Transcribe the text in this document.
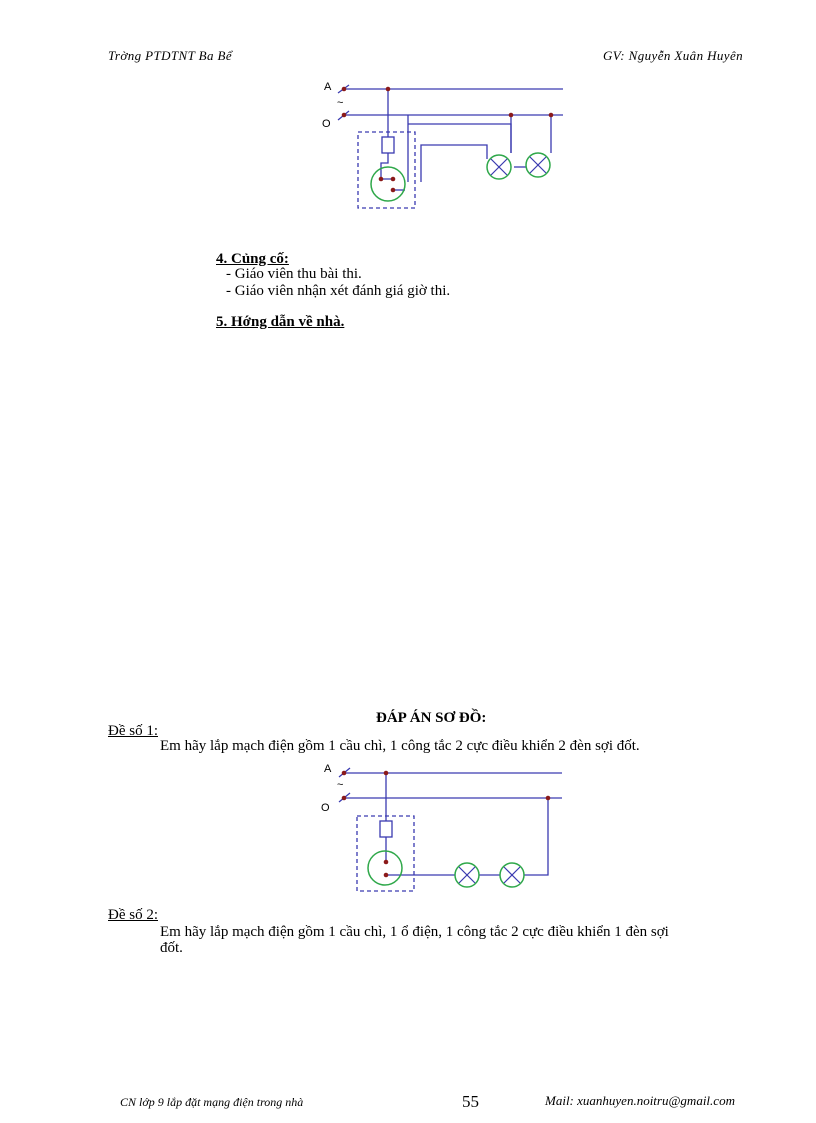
Trờng PTDTNT Ba Bể	GV: Nguyễn Xuân Huyên
A
~
O
4. Củng cố:
- Giáo viên thu bài thi.
- Giáo viên nhận xét đánh giá giờ thi.
5. Hớng dẫn về nhà.
ĐÁP ÁN SƠ ĐỒ:
Đề số 1:
Em hãy lắp mạch điện gồm 1 cầu chì, 1 công tắc 2 cực điều khiển 2 đèn sợi đốt.
A
~
O
Đề số 2:
Em hãy lắp mạch điện gồm 1 cầu chì, 1 ổ điện, 1 công tắc 2 cực điều khiển 1 đèn sợi
đốt.
CN lớp 9 lắp đặt mạng điện trong nhà	55	Mail: xuanhuyen.noitru@gmail.com
